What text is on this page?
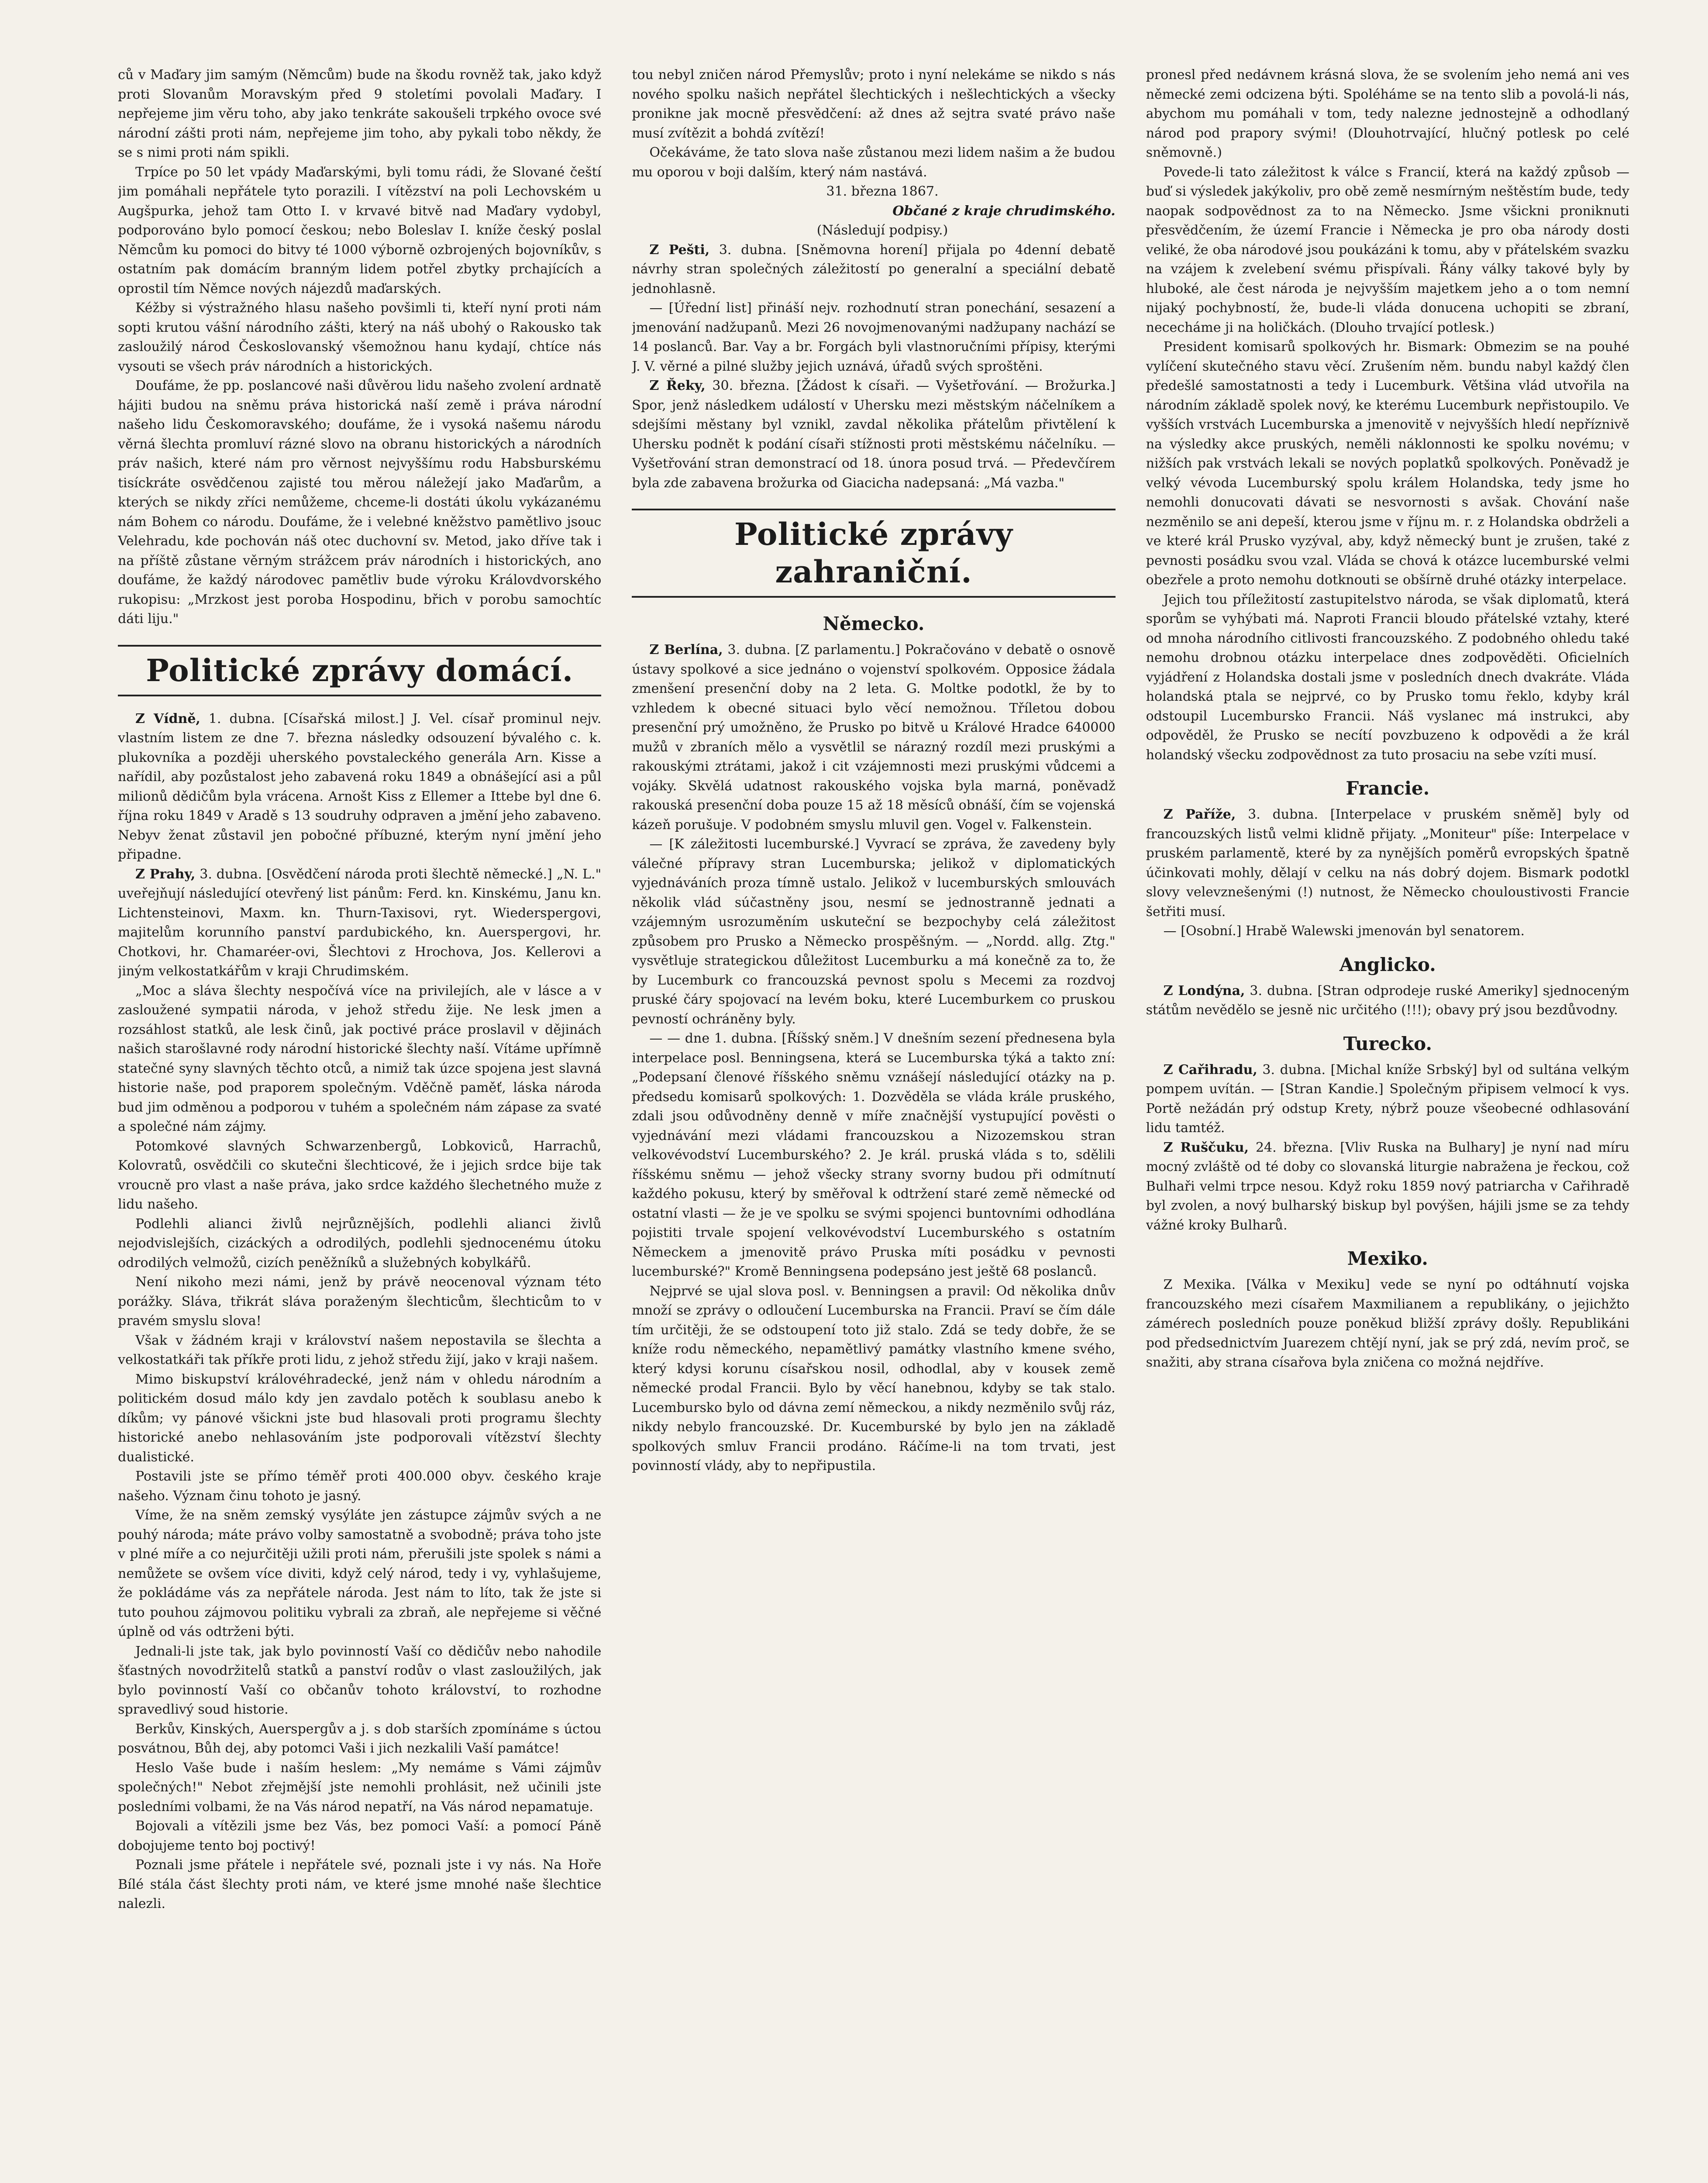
ců v Maďary jim samým (Němcům) bude na škodu rovněž tak, jako když proti Slovanům Moravským před 9 stoletími povolali Maďary. I nepřejeme jim věru toho, aby jako tenkráte sakoušeli trpkého ovoce své národní zášti proti nám, nepřejeme jim toho, aby pykali tobo někdy, že se s nimi proti nám spikli.

Trpíce po 50 let vpády Maďarskými, byli tomu rádi, že Slované čeští jim pomáhali nepřátele tyto porazili. I vítězství na poli Lechovském u Augšpurka, jehož tam Otto I. v krvavé bitvě nad Maďary vydobyl, podporováno bylo pomocí českou; nebo Boleslav I. kníže český poslal Němcům ku pomoci do bitvy té 1000 výborně ozbrojených bojovníkův, s ostatním pak domácím branným lidem potřel zbytky prchajících a oprostil tím Němce nových nájezdů maďarských.

Kéžby si výstražného hlasu našeho povšimli ti, kteří nyní proti nám sopti krutou vášní národního zášti, který na náš ubohý o Rakousko tak zasloužilý národ Českoslovanský všemožnou hanu kydají, chtíce nás vysouti se všech práv národních a historických.

Doufáme, že pp. poslancové naši důvěrou lidu našeho zvolení ardnatě hájiti budou na sněmu práva historická naší země i práva národní našeho lidu Českomoravského; doufáme, že i vysoká našemu národu věrná šlechta promluví rázné slovo na obranu historických a národních práv našich, které nám pro věrnost nejvyššímu rodu Habsburskému tisíckráte osvědčenou zajisté tou měrou náležejí jako Maďarům, a kterých se nikdy zříci nemůžeme, chceme-li dostáti úkolu vykázanému nám Bohem co národu. Doufáme, že i velebné kněžstvo pamětlivo jsouc Velehradu, kde pochován náš otec duchovní sv. Metod, jako dříve tak i na příště zůstane věrným strážcem práv národních i historických, ano doufáme, že každý národovec pamětliv bude výroku Královdvorského rukopisu: „Mrzkost jest poroba Hospodinu, břich v porobu samochtíc dáti liju."

Politické zprávy domácí.

Z Vídně, 1. dubna. [Císařská milost.] J. Vel. císař prominul nejv. vlastním listem ze dne 7. března následky odsouzení bývalého c. k. plukovníka a později uherského povstaleckého generála Arn. Kisse a nařídil, aby pozůstalost jeho zabavená roku 1849 a obnášející asi a půl milionů dědičům byla vrácena. Arnošt Kiss z Ellemer a Ittebe byl dne 6. října roku 1849 v Aradě s 13 soudruhy odpraven a jmění jeho zabaveno. Nebyv ženat zůstavil jen pobočné příbuzné, kterým nyní jmění jeho připadne.

Z Prahy, 3. dubna. [Osvědčení národa proti šlechtě německé.] „N. L." uveřejňují následující otevřený list pánům: Ferd. kn. Kinskému, Janu kn. Lichtensteinovi, Maxm. kn. Thurn-Taxisovi, ryt. Wiederspergovi, majitelům korunního panství pardubického, kn. Auerspergovi, hr. Chotkovi, hr. Chamaréer-ovi, Šlechtovi z Hrochova, Jos. Kellerovi a jiným velkostatkářům v kraji Chrudimském.

„Moc a sláva šlechty nespočívá více na privilejích, ale v lásce a v zasloužené sympatii národa, v jehož středu žije. Ne lesk jmen a rozsáhlost statků, ale lesk činů, jak poctivé práce proslavil v dějinách našich starošlavné rody národní historické šlechty naší. Vítáme upřímně statečné syny slavných těchto otců, a nimiž tak úzce spojena jest slavná historie naše, pod praporem společným. Vděčně paměť, láska národa bud jim odměnou a podporou v tuhém a společném nám zápase za svaté a společné nám zájmy.

Potomkové slavných Schwarzenbergů, Lobkoviců, Harrachů, Kolovratů, osvědčili co skutečni šlechticové, že i jejich srdce bije tak vroucně pro vlast a naše práva, jako srdce každého šlechetného muže z lidu našeho.

Podlehli alianci živlů nejrůznějších, podlehli alianci živlů nejodvislejších, cizáckých a odrodilých, podlehli sjednocenému útoku odrodilých velmožů, cizích peněžníků a služebných kobylkářů.

Není nikoho mezi námi, jenž by právě neocenoval význam této porážky. Sláva, třikrát sláva poraženým šlechticům, šlechticům to v pravém smyslu slova!

Však v žádném kraji v království našem nepostavila se šlechta a velkostatkáři tak příkře proti lidu, z jehož středu žijí, jako v kraji našem.

Mimo biskupství královéhradecké, jenž nám v ohledu národním a politickém dosud málo kdy jen zavdalo potěch k soublasu anebo k díkům; vy pánové všickni jste bud hlasovali proti programu šlechty historické anebo nehlasováním jste podporovali vítězství šlechty dualistické.

Postavili jste se přímo téměř proti 400.000 obyv. českého kraje našeho. Význam činu tohoto je jasný.

Víme, že na sněm zemský vysýláte jen zástupce zájmův svých a ne pouhý národa; máte právo volby samostatně a svobodně; práva toho jste v plné míře a co nejurčitěji užili proti nám, přerušili jste spolek s námi a nemůžete se ovšem více diviti, když celý národ, tedy i vy, vyhlašujeme, že pokládáme vás za nepřátele národa. Jest nám to líto, tak že jste si tuto pouhou zájmovou politiku vybrali za zbraň, ale nepřejeme si věčné úplně od vás odtrženi býti.

Jednali-li jste tak, jak bylo povinností Vaší co dědičův nebo nahodile šťastných novodržitelů statků a panství rodův o vlast zasloužilých, jak bylo povinností Vaší co občanův tohoto království, to rozhodne spravedlivý soud historie.

Berkův, Kinských, Auerspergův a j. s dob starších zpomínáme s úctou posvátnou, Bůh dej, aby potomci Vaši i jich nezkalili Vaší památce!

Heslo Vaše bude i naším heslem: „My nemáme s Vámi zájmův společných!" Nebot zřejmější jste nemohli prohlásit, než učinili jste posledními volbami, že na Vás národ nepatří, na Vás národ nepamatuje.

Bojovali a vítězili jsme bez Vás, bez pomoci Vaší: a pomocí Páně dobojujeme tento boj poctivý!

Poznali jsme přátele i nepřátele své, poznali jste i vy nás. Na Hoře Bílé stála část šlechty proti nám, ve které jsme mnohé naše šlechtice nalezli.

tou nebyl zničen národ Přemyslův; proto i nyní nelekáme se nikdo s nás nového spolku našich nepřátel šlechtických i nešlechtických a všecky pronikne jak mocně přesvědčení: až dnes až sejtra svaté právo naše musí zvítězit a bohdá zvítězí!

Očekáváme, že tato slova naše zůstanou mezi lidem našim a že budou mu oporou v boji dalším, který nám nastává.

31. března 1867.

Občané z kraje chrudimského.

(Následují podpisy.)

Z Pešti, 3. dubna. [Sněmovna horení] přijala po 4denní debatě návrhy stran společných záležitostí po generalní a speciální debatě jednohlasně.

— [Úřední list] přináší nejv. rozhodnutí stran ponechání, sesazení a jmenování nadžupanů. Mezi 26 novojmenovanými nadžupany nachází se 14 poslanců. Bar. Vay a br. Forgách byli vlastnoručními přípisy, kterými J. V. věrné a pilné služby jejich uznává, úřadů svých sproštěni.

Z Řeky, 30. března. [Žádost k císaři. — Vyšetřování. — Brožurka.] Spor, jenž následkem událostí v Uhersku mezi městským náčelníkem a sdejšími městany byl vznikl, zavdal několika přátelům přivtělení k Uhersku podnět k podání císaři stížnosti proti městskému náčelníku. — Vyšetřování stran demonstrací od 18. února posud trvá. — Předevčírem byla zde zabavena brožurka od Giacicha nadepsaná: „Má vazba."

Politické zprávy zahraniční.
Německo.

Z Berlína, 3. dubna. [Z parlamentu.] Pokračováno v debatě o osnově ústavy spolkové a sice jednáno o vojenství spolkovém. Opposice žádala zmenšení presenční doby na 2 leta. G. Moltke podotkl, že by to vzhledem k obecné situaci bylo věcí nemožnou. Tříletou dobou presenční prý umožněno, že Prusko po bitvě u Králové Hradce 640000 mužů v zbraních mělo a vysvětlil se nárazný rozdíl mezi pruskými a rakouskými ztrátami, jakož i cit vzájemnosti mezi pruskými vůdcemi a vojáky. Skvělá udatnost rakouského vojska byla marná, poněvadž rakouská presenční doba pouze 15 až 18 měsíců obnáší, čím se vojenská kázeň porušuje. V podobném smyslu mluvil gen. Vogel v. Falkenstein.

— [K záležitosti lucemburské.] Vyvrací se zpráva, že zavedeny byly válečné přípravy stran Lucemburska; jelikož v diplomatických vyjednáváních proza tímně ustalo. Jelikož v lucemburských smlouvách několik vlád súčastněny jsou, nesmí se jednostranně jednati a vzájemným usrozuměním uskuteční se bezpochyby celá záležitost způsobem pro Prusko a Německo prospěšným. — „Nordd. allg. Ztg." vysvětluje strategickou důležitost Lucemburku a má konečně za to, že by Lucemburk co francouzská pevnost spolu s Mecemi za rozdvoj pruské čáry spojovací na levém boku, které Lucemburkem co pruskou pevností ochráněny byly.

— — dne 1. dubna. [Říšský sněm.] V dnešním sezení přednesena byla interpelace posl. Benningsena, která se Lucemburska týká a takto zní: „Podepsaní členové říšského sněmu vznášejí následující otázky na p. předsedu komisarů spolkových: 1. Dozvěděla se vláda krále pruského, zdali jsou odůvodněny denně v míře značnější vystupující pověsti o vyjednávání mezi vládami francouzskou a Nizozemskou stran velkovévodství Lucemburského? 2. Je král. pruská vláda s to, sdělili říšskému sněmu — jehož všecky strany svorny budou při odmítnutí každého pokusu, který by směřoval k odtržení staré země německé od ostatní vlasti — že je ve spolku se svými spojenci buntovními odhodlána pojistiti trvale spojení velkovévodství Lucemburského s ostatním Německem a jmenovitě právo Pruska míti posádku v pevnosti lucemburské?" Kromě Benningsena podepsáno jest ještě 68 poslanců.

Nejprvé se ujal slova posl. v. Benningsen a pravil: Od několika dnův množí se zprávy o odloučení Lucemburska na Francii. Praví se čím dále tím určitěji, že se odstoupení toto již stalo. Zdá se tedy dobře, že se kníže rodu německého, nepamětlivý památky vlastního kmene svého, který kdysi korunu císařskou nosil, odhodlal, aby v kousek země německé prodal Francii. Bylo by věcí hanebnou, kdyby se tak stalo. Lucembursko bylo od dávna zemí německou, a nikdy nezměnilo svůj ráz, nikdy nebylo francouzské. Dr. Kucemburské by bylo jen na základě spolkových smluv Francii prodáno. Ráčíme-li na tom trvati, jest povinností vlády, aby to nepřipustila.

pronesl před nedávnem krásná slova, že se svolením jeho nemá ani ves německé zemi odcizena býti. Spoléháme se na tento slib a povolá-li nás, abychom mu pomáhali v tom, tedy nalezne jednostejně a odhodlaný národ pod prapory svými! (Dlouhotrvající, hlučný potlesk po celé sněmovně.)

Povede-li tato záležitost k válce s Francií, která na každý způsob — buď si výsledek jakýkoliv, pro obě země nesmírným neštěstím bude, tedy naopak sodpovědnost za to na Německo. Jsme všickni proniknuti přesvědčením, že území Francie i Německa je pro oba národy dosti veliké, že oba národové jsou poukázáni k tomu, aby v přátelském svazku na vzájem k zvelebení svému přispívali. Řány války takové byly by hluboké, ale čest národa je nejvyšším majetkem jeho a o tom nemní nijaký pochybností, že, bude-li vláda donucena uchopiti se zbraní, nececháme ji na holičkách. (Dlouho trvající potlesk.)

President komisarů spolkových hr. Bismark: Obmezim se na pouhé vylíčení skutečného stavu věcí. Zrušením něm. bundu nabyl každý člen předešlé samostatnosti a tedy i Lucemburk. Většina vlád utvořila na národním základě spolek nový, ke kterému Lucemburk nepřistoupilo. Ve vyšších vrstvách Lucemburska a jmenovitě v nejvyšších hledí nepříznivě na výsledky akce pruských, neměli náklonnosti ke spolku novému; v nižších pak vrstvách lekali se nových poplatků spolkových. Poněvadž je velký vévoda Lucemburský spolu králem Holandska, tedy jsme ho nemohli donucovati dávati se nesvornosti s avšak. Chování naše nezměnilo se ani depeší, kterou jsme v říjnu m. r. z Holandska obdrželi a ve které král Prusko vyzýval, aby, když německý bunt je zrušen, také z pevnosti posádku svou vzal. Vláda se chová k otázce lucemburské velmi obezřele a proto nemohu dotknouti se obšírně druhé otázky interpelace.

Jejich tou příležitostí zastupitelstvo národa, se však diplomatů, která sporům se vyhýbati má. Naproti Francii bloudo přátelské vztahy, které od mnoha národního citlivosti francouzského. Z podobného ohledu také nemohu drobnou otázku interpelace dnes zodpověděti. Oficielních vyjádření z Holandska dostali jsme v posledních dnech dvakráte. Vláda holandská ptala se nejprvé, co by Prusko tomu řeklo, kdyby král odstoupil Lucembursko Francii. Náš vyslanec má instrukci, aby odpověděl, že Prusko se necítí povzbuzeno k odpovědi a že král holandský všecku zodpovědnost za tuto prosaciu na sebe vzíti musí.

Francie.

Z Paříže, 3. dubna. [Interpelace v pruském sněmě] byly od francouzských listů velmi klidně přijaty. „Moniteur" píše: Interpelace v pruském parlamentě, které by za nynějších poměrů evropských špatně účinkovati mohly, dělají v celku na nás dobrý dojem. Bismark podotkl slovy velevznešenými (!) nutnost, že Německo chouloustivosti Francie šetřiti musí.

— [Osobní.] Hrabě Walewski jmenován byl senatorem.

Anglicko.

Z Londýna, 3. dubna. [Stran odprodeje ruské Ameriky] sjednoceným státům nevědělo se jesně nic určitého (!!!); obavy prý jsou bezdůvodny.

Turecko.

Z Cařihradu, 3. dubna. [Michal kníže Srbský] byl od sultána velkým pompem uvítán. — [Stran Kandie.] Společným připisem velmocí k vys. Portě nežádán prý odstup Krety, nýbrž pouze všeobecné odhlasování lidu tamtéž.

Z Ruščuku, 24. března. [Vliv Ruska na Bulhary] je nyní nad míru mocný zvláště od té doby co slovanská liturgie nabražena je řeckou, což Bulhaři velmi trpce nesou. Když roku 1859 nový patriarcha v Cařihradě byl zvolen, a nový bulharský biskup byl povýšen, hájili jsme se za tehdy vážné kroky Bulharů.

Mexiko.

Z Mexika. [Válka v Mexiku] vede se nyní po odtáhnutí vojska francouzského mezi císařem Maxmilianem a republikány, o jejichžto zámérech posledních pouze poněkud bližší zprávy došly. Republikáni pod předsednictvím Juarezem chtějí nyní, jak se prý zdá, nevím proč, se snažiti, aby strana císařova byla zničena co možná nejdříve.
